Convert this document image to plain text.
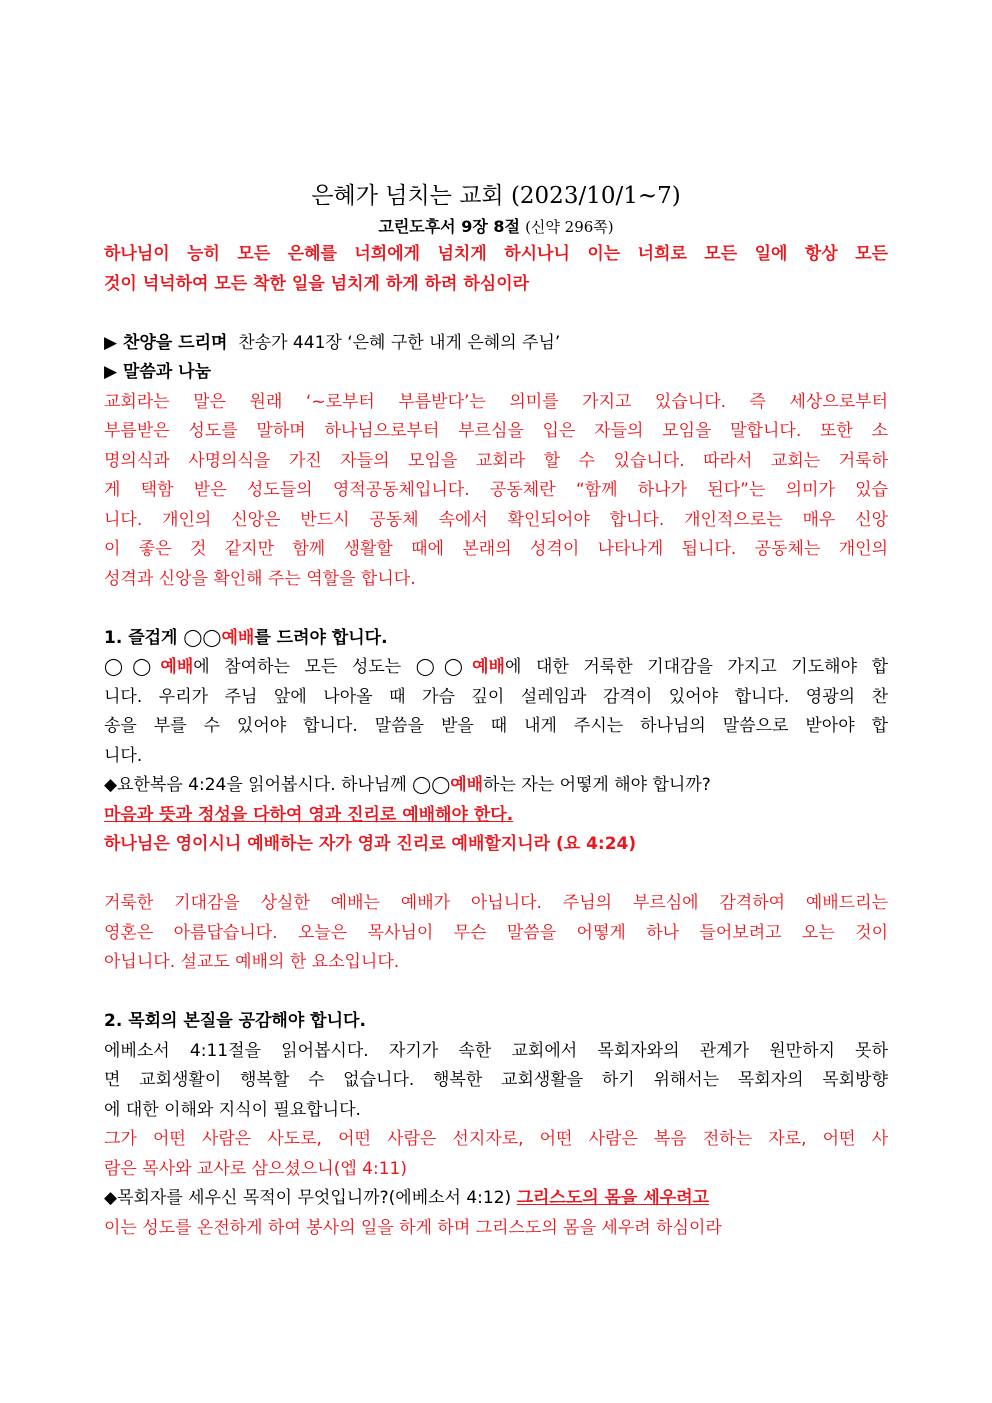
은혜가 넘치는 교회 (2023/10/1~7)
고린도후서 9장 8절 (신약 296쪽)

하나님이 능히 모든 은혜를 너희에게 넘치게 하시나니 이는 너희로 모든 일에 항상 모든

것이 넉넉하여 모든 착한 일을 넘치게 하게 하려 하심이라

▶ 찬양을 드리며 찬송가 441장 ‘은혜 구한 내게 은혜의 주님’

▶ 말씀과 나눔

교회라는 말은 원래 ‘~로부터 부름받다’는 의미를 가지고 있습니다. 즉 세상으로부터

부름받은 성도를 말하며 하나님으로부터 부르심을 입은 자들의 모임을 말합니다. 또한 소

명의식과 사명의식을 가진 자들의 모임을 교회라 할 수 있습니다. 따라서 교회는 거룩하

게 택함 받은 성도들의 영적공동체입니다. 공동체란 “함께 하나가 된다”는 의미가 있습

니다. 개인의 신앙은 반드시 공동체 속에서 확인되어야 합니다. 개인적으로는 매우 신앙

이 좋은 것 같지만 함께 생활할 때에 본래의 성격이 나타나게 됩니다. 공동체는 개인의

성격과 신앙을 확인해 주는 역할을 합니다.

1. 즐겁게 ◯◯예배를 드려야 합니다.

◯◯예배에 참여하는 모든 성도는 ◯◯예배에 대한 거룩한 기대감을 가지고 기도해야 합

니다. 우리가 주님 앞에 나아올 때 가슴 깊이 설레임과 감격이 있어야 합니다. 영광의 찬

송을 부를 수 있어야 합니다. 말씀을 받을 때 내게 주시는 하나님의 말씀으로 받아야 합

니다.

◆요한복음 4:24을 읽어봅시다. 하나님께 ◯◯예배하는 자는 어떻게 해야 합니까?

마음과 뜻과 정성을 다하여 영과 진리로 예배해야 한다.

하나님은 영이시니 예배하는 자가 영과 진리로 예배할지니라 (요 4:24)

거룩한 기대감을 상실한 예배는 예배가 아닙니다. 주님의 부르심에 감격하여 예배드리는

영혼은 아름답습니다. 오늘은 목사님이 무슨 말씀을 어떻게 하나 들어보려고 오는 것이

아닙니다. 설교도 예배의 한 요소입니다.

2. 목회의 본질을 공감해야 합니다.

에베소서 4:11절을 읽어봅시다. 자기가 속한 교회에서 목회자와의 관계가 원만하지 못하

면 교회생활이 행복할 수 없습니다. 행복한 교회생활을 하기 위해서는 목회자의 목회방향

에 대한 이해와 지식이 필요합니다.

그가 어떤 사람은 사도로, 어떤 사람은 선지자로, 어떤 사람은 복음 전하는 자로, 어떤 사

람은 목사와 교사로 삼으셨으니(엡 4:11)

◆목회자를 세우신 목적이 무엇입니까?(에베소서 4:12) 그리스도의 몸을 세우려고

이는 성도를 온전하게 하여 봉사의 일을 하게 하며 그리스도의 몸을 세우려 하심이라
